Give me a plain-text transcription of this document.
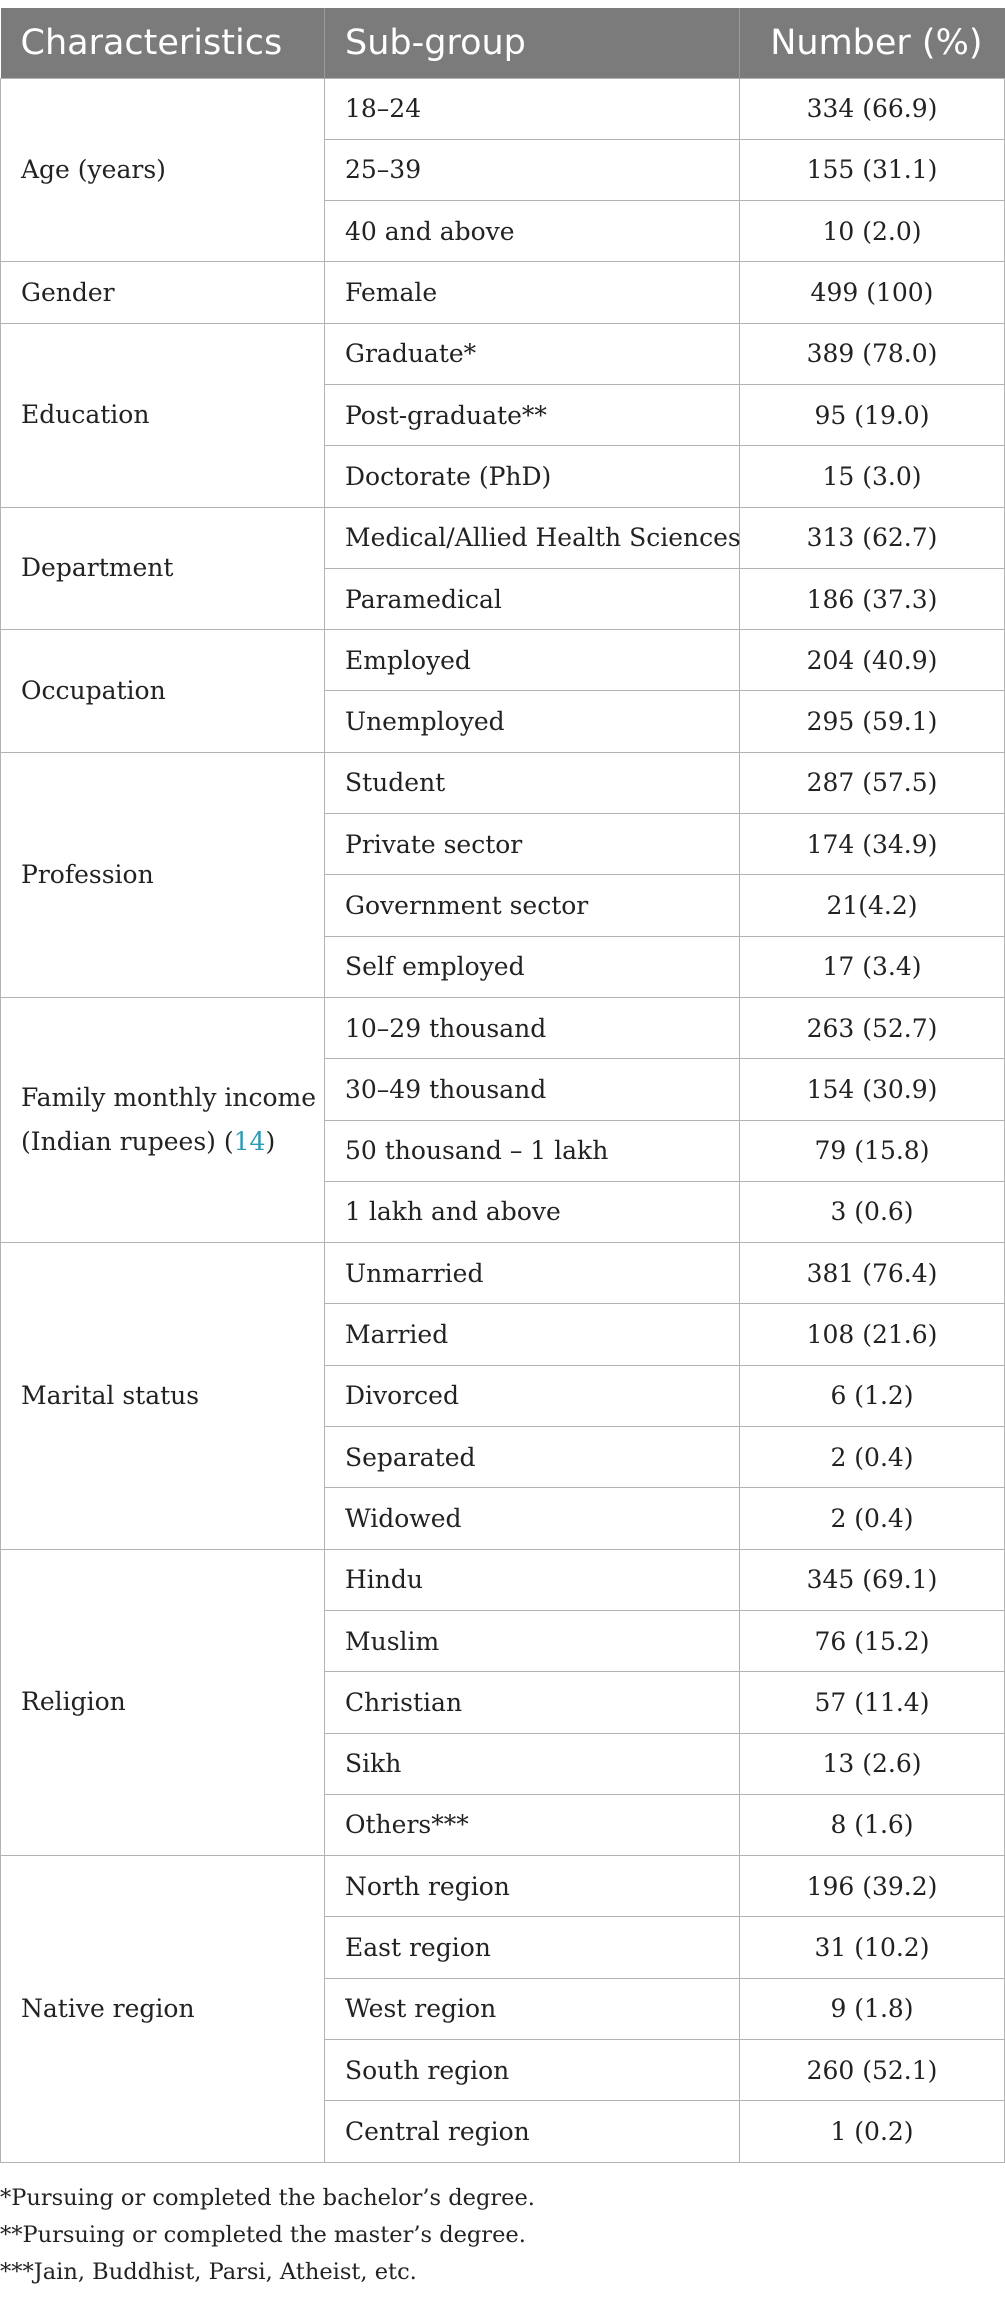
Characteristics	Sub-group	Number (%)
Age (years)	18–24	334 (66.9)
	25–39	155 (31.1)
	40 and above	10 (2.0)
Gender	Female	499 (100)
Education	Graduate*	389 (78.0)
	Post-graduate**	95 (19.0)
	Doctorate (PhD)	15 (3.0)
Department	Medical/Allied Health Sciences	313 (62.7)
	Paramedical	186 (37.3)
Occupation	Employed	204 (40.9)
	Unemployed	295 (59.1)
Profession	Student	287 (57.5)
	Private sector	174 (34.9)
	Government sector	21(4.2)
	Self employed	17 (3.4)
Family monthly income (Indian rupees) (14)	10–29 thousand	263 (52.7)
	30–49 thousand	154 (30.9)
	50 thousand – 1 lakh	79 (15.8)
	1 lakh and above	3 (0.6)
Marital status	Unmarried	381 (76.4)
	Married	108 (21.6)
	Divorced	6 (1.2)
	Separated	2 (0.4)
	Widowed	2 (0.4)
Religion	Hindu	345 (69.1)
	Muslim	76 (15.2)
	Christian	57 (11.4)
	Sikh	13 (2.6)
	Others***	8 (1.6)
Native region	North region	196 (39.2)
	East region	31 (10.2)
	West region	9 (1.8)
	South region	260 (52.1)
	Central region	1 (0.2)
*Pursuing or completed the bachelor’s degree.
**Pursuing or completed the master’s degree.
***Jain, Buddhist, Parsi, Atheist, etc.
